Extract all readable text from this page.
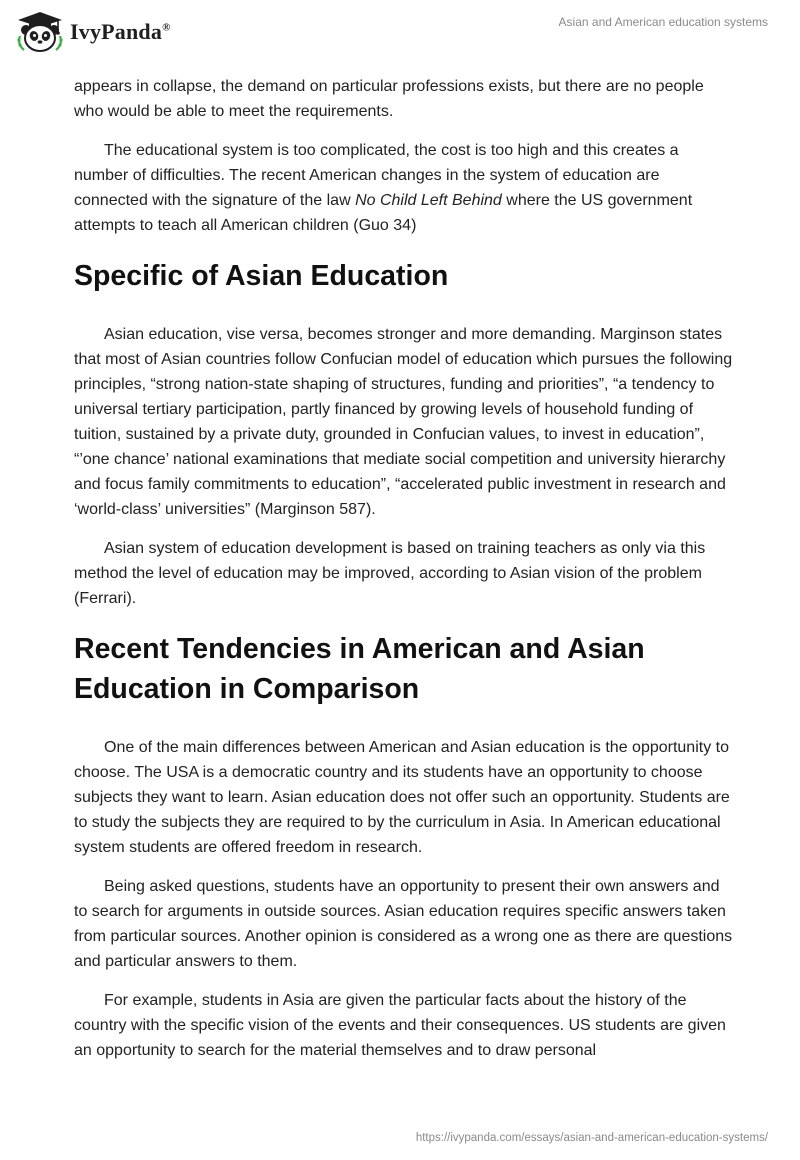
IvyPanda®	Asian and American education systems

appears in collapse, the demand on particular professions exists, but there are no people who would be able to meet the requirements.

The educational system is too complicated, the cost is too high and this creates a number of difficulties. The recent American changes in the system of education are connected with the signature of the law No Child Left Behind where the US government attempts to teach all American children (Guo 34)

Specific of Asian Education

Asian education, vise versa, becomes stronger and more demanding. Marginson states that most of Asian countries follow Confucian model of education which pursues the following principles, “strong nation-state shaping of structures, funding and priorities”, “a tendency to universal tertiary participation, partly financed by growing levels of household funding of tuition, sustained by a private duty, grounded in Confucian values, to invest in education”, “’one chance’ national examinations that mediate social competition and university hierarchy and focus family commitments to education”, “accelerated public investment in research and ‘world-class’ universities” (Marginson 587).

Asian system of education development is based on training teachers as only via this method the level of education may be improved, according to Asian vision of the problem (Ferrari).

Recent Tendencies in American and Asian Education in Comparison

One of the main differences between American and Asian education is the opportunity to choose. The USA is a democratic country and its students have an opportunity to choose subjects they want to learn. Asian education does not offer such an opportunity. Students are to study the subjects they are required to by the curriculum in Asia. In American educational system students are offered freedom in research.

Being asked questions, students have an opportunity to present their own answers and to search for arguments in outside sources. Asian education requires specific answers taken from particular sources. Another opinion is considered as a wrong one as there are questions and particular answers to them.

For example, students in Asia are given the particular facts about the history of the country with the specific vision of the events and their consequences. US students are given an opportunity to search for the material themselves and to draw personal

https://ivypanda.com/essays/asian-and-american-education-systems/
